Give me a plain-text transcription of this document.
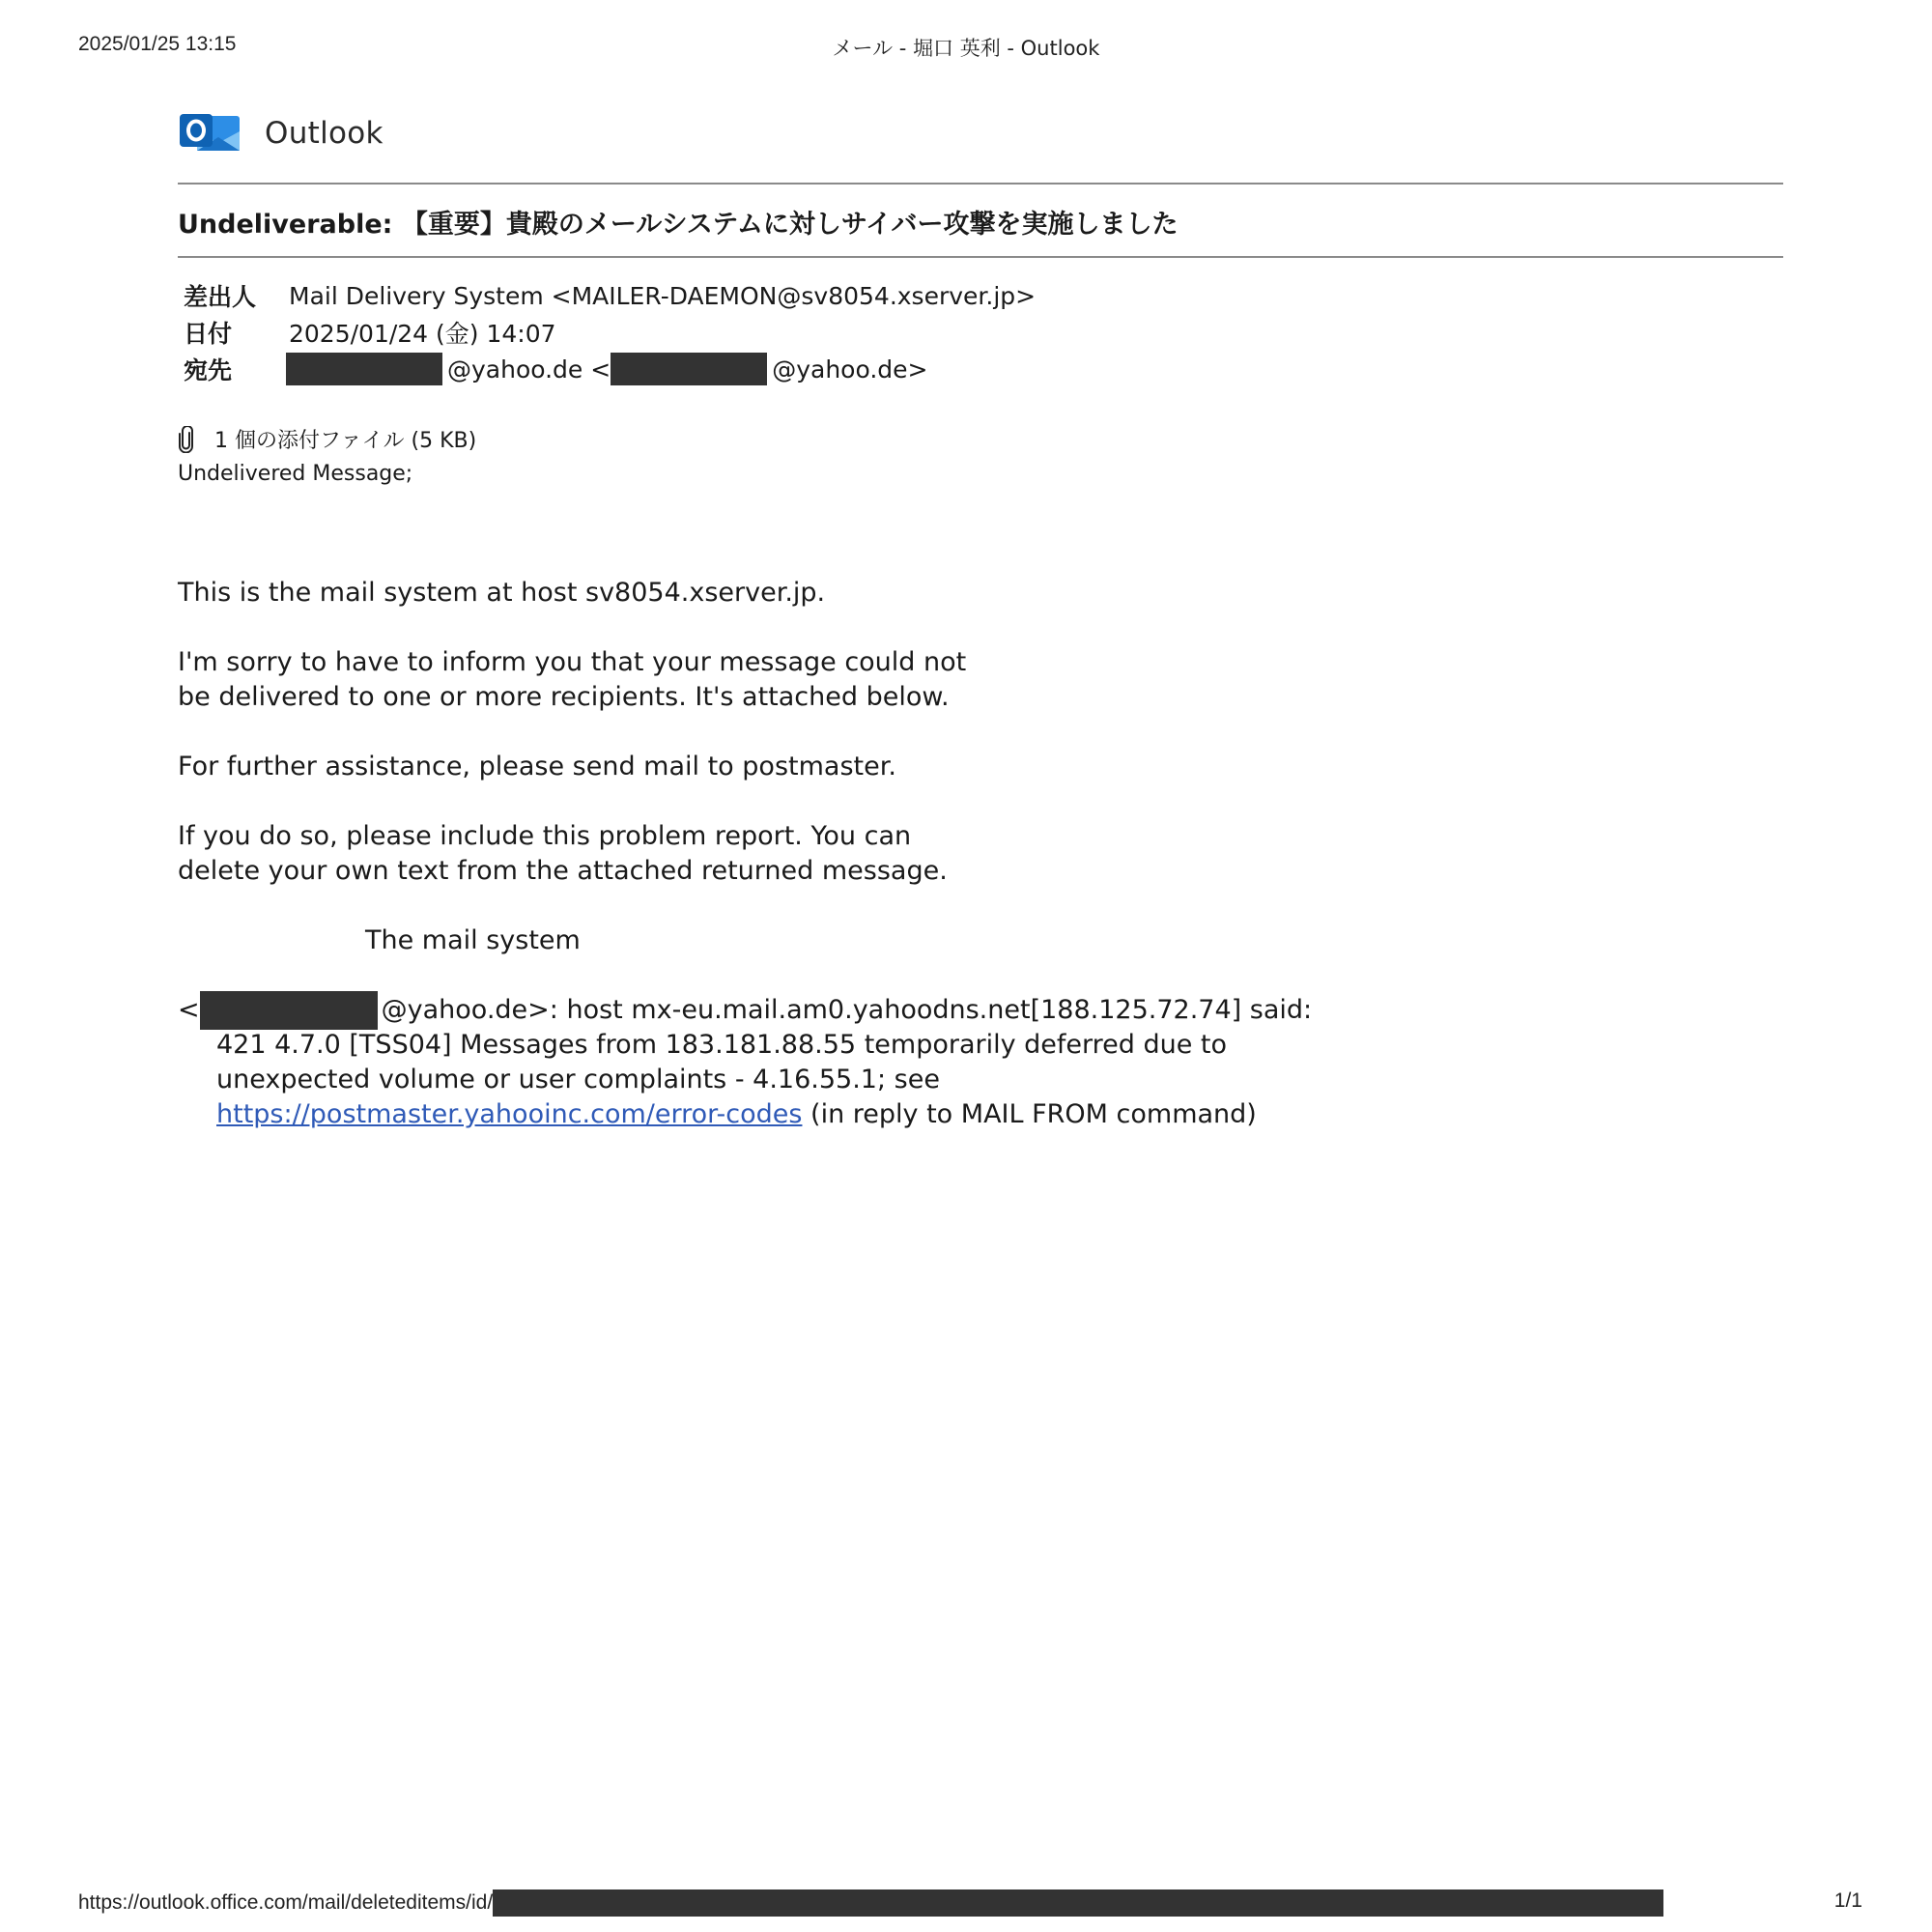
2025/01/25 13:15	メール - 堀口 英利 - Outlook
Outlook
Undeliverable: 【重要】貴殿のメールシステムに対しサイバー攻撃を実施しました
差出人	Mail Delivery System <MAILER-DAEMON@sv8054.xserver.jp>
日付	2025/01/24 (金) 14:07
宛先	@yahoo.de <	@yahoo.de>
1 個の添付ファイル (5 KB)
Undelivered Message;
This is the mail system at host sv8054.xserver.jp.
I'm sorry to have to inform you that your message could not
be delivered to one or more recipients. It's attached below.
For further assistance, please send mail to postmaster.
If you do so, please include this problem report. You can
delete your own text from the attached returned message.
The mail system
<	@yahoo.de>: host mx-eu.mail.am0.yahoodns.net[188.125.72.74] said:
421 4.7.0 [TSS04] Messages from 183.181.88.55 temporarily deferred due to
unexpected volume or user complaints - 4.16.55.1; see
https://postmaster.yahooinc.com/error-codes (in reply to MAIL FROM command)
https://outlook.office.com/mail/deleteditems/id/	1/1
